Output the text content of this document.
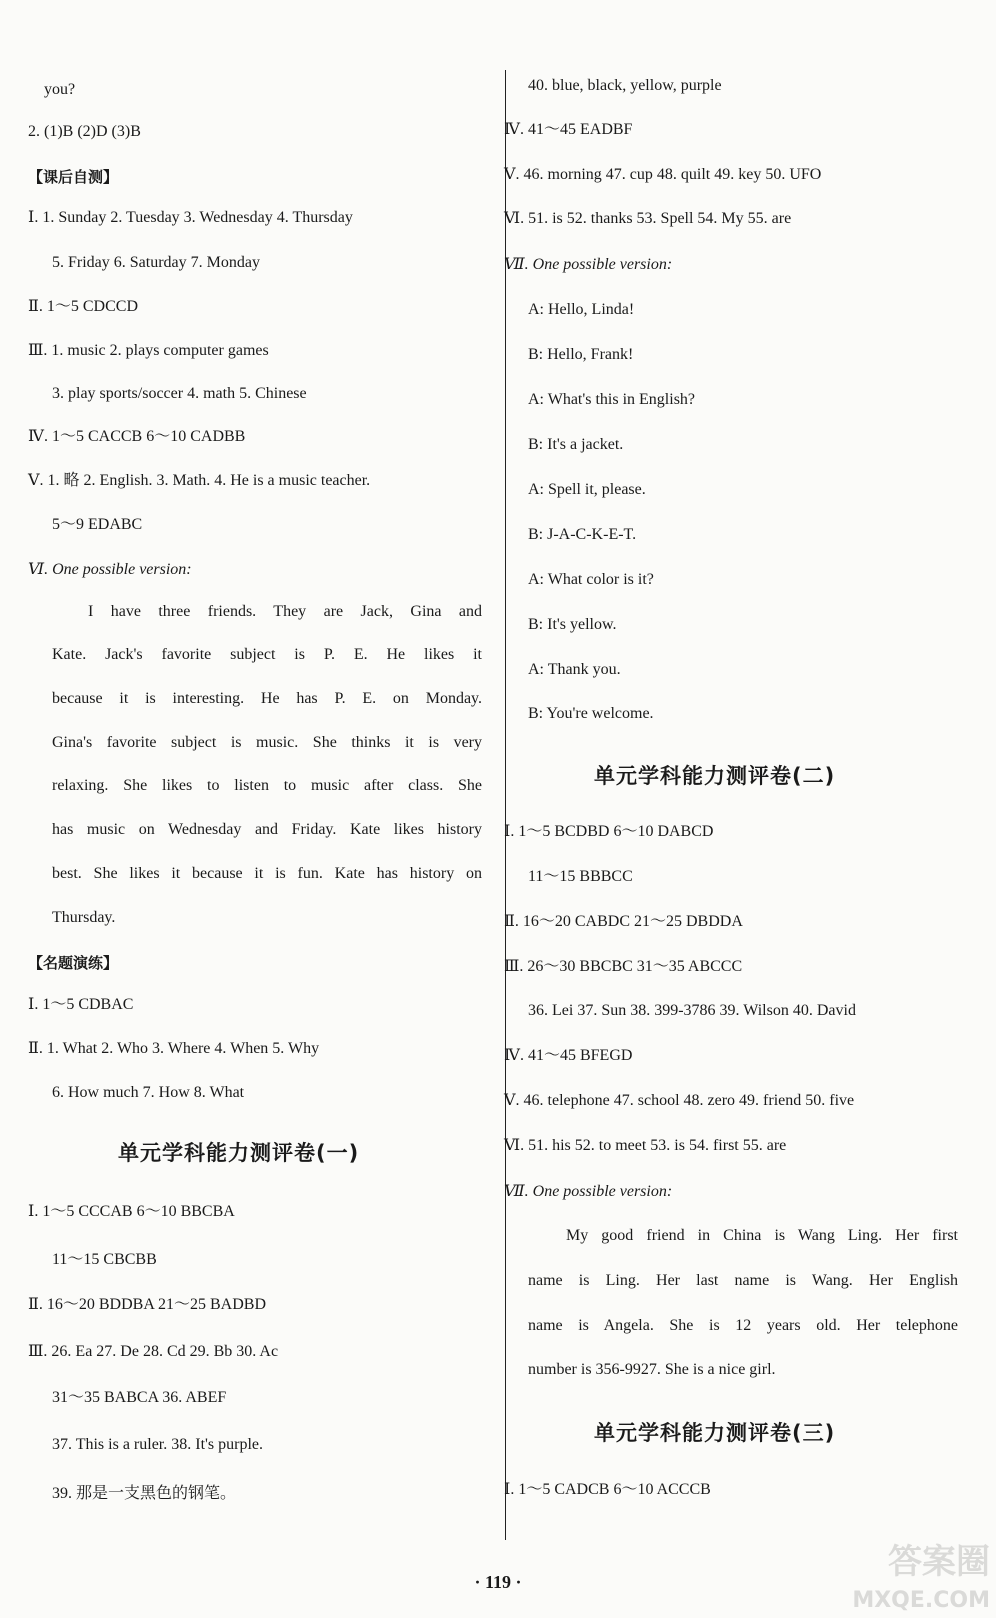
单元学科能力测评卷(一)
单元学科能力测评卷(二)
单元学科能力测评卷(三)
· 119 ·	答案圈
MXQE.COM
you?
2. (1)B (2)D (3)B
【课后自测】
Ⅰ. 1. Sunday 2. Tuesday 3. Wednesday 4. Thursday
5. Friday 6. Saturday 7. Monday
Ⅱ. 1～5 CDCCD
Ⅲ. 1. music 2. plays computer games
3. play sports/soccer 4. math 5. Chinese
Ⅳ. 1～5 CACCB 6～10 CADBB
Ⅴ. 1. 略 2. English. 3. Math. 4. He is a music teacher.
5～9 EDABC
Ⅵ. One possible version:
I have three friends. They are Jack, Gina and
Kate. Jack's favorite subject is P. E. He likes it
because it is interesting. He has P. E. on Monday.
Gina's favorite subject is music. She thinks it is very
relaxing. She likes to listen to music after class. She
has music on Wednesday and Friday. Kate likes history
best. She likes it because it is fun. Kate has history on
Thursday.
【名题演练】
Ⅰ. 1～5 CDBAC
Ⅱ. 1. What 2. Who 3. Where 4. When 5. Why
6. How much 7. How 8. What
Ⅰ. 1～5 CCCAB 6～10 BBCBA
11～15 CBCBB
Ⅱ. 16～20 BDDBA 21～25 BADBD
Ⅲ. 26. Ea 27. De 28. Cd 29. Bb 30. Ac
31～35 BABCA 36. ABEF
37. This is a ruler. 38. It's purple.
39. 那是一支黑色的钢笔。
40. blue, black, yellow, purple
Ⅳ. 41～45 EADBF
Ⅴ. 46. morning 47. cup 48. quilt 49. key 50. UFO
Ⅵ. 51. is 52. thanks 53. Spell 54. My 55. are
Ⅶ. One possible version:
A: Hello, Linda!
B: Hello, Frank!
A: What's this in English?
B: It's a jacket.
A: Spell it, please.
B: J-A-C-K-E-T.
A: What color is it?
B: It's yellow.
A: Thank you.
B: You're welcome.
Ⅰ. 1～5 BCDBD 6～10 DABCD
11～15 BBBCC
Ⅱ. 16～20 CABDC 21～25 DBDDA
Ⅲ. 26～30 BBCBC 31～35 ABCCC
36. Lei 37. Sun 38. 399-3786 39. Wilson 40. David
Ⅳ. 41～45 BFEGD
Ⅴ. 46. telephone 47. school 48. zero 49. friend 50. five
Ⅵ. 51. his 52. to meet 53. is 54. first 55. are
Ⅶ. One possible version:
My good friend in China is Wang Ling. Her first
name is Ling. Her last name is Wang. Her English
name is Angela. She is 12 years old. Her telephone
number is 356-9927. She is a nice girl.
Ⅰ. 1～5 CADCB 6～10 ACCCB
